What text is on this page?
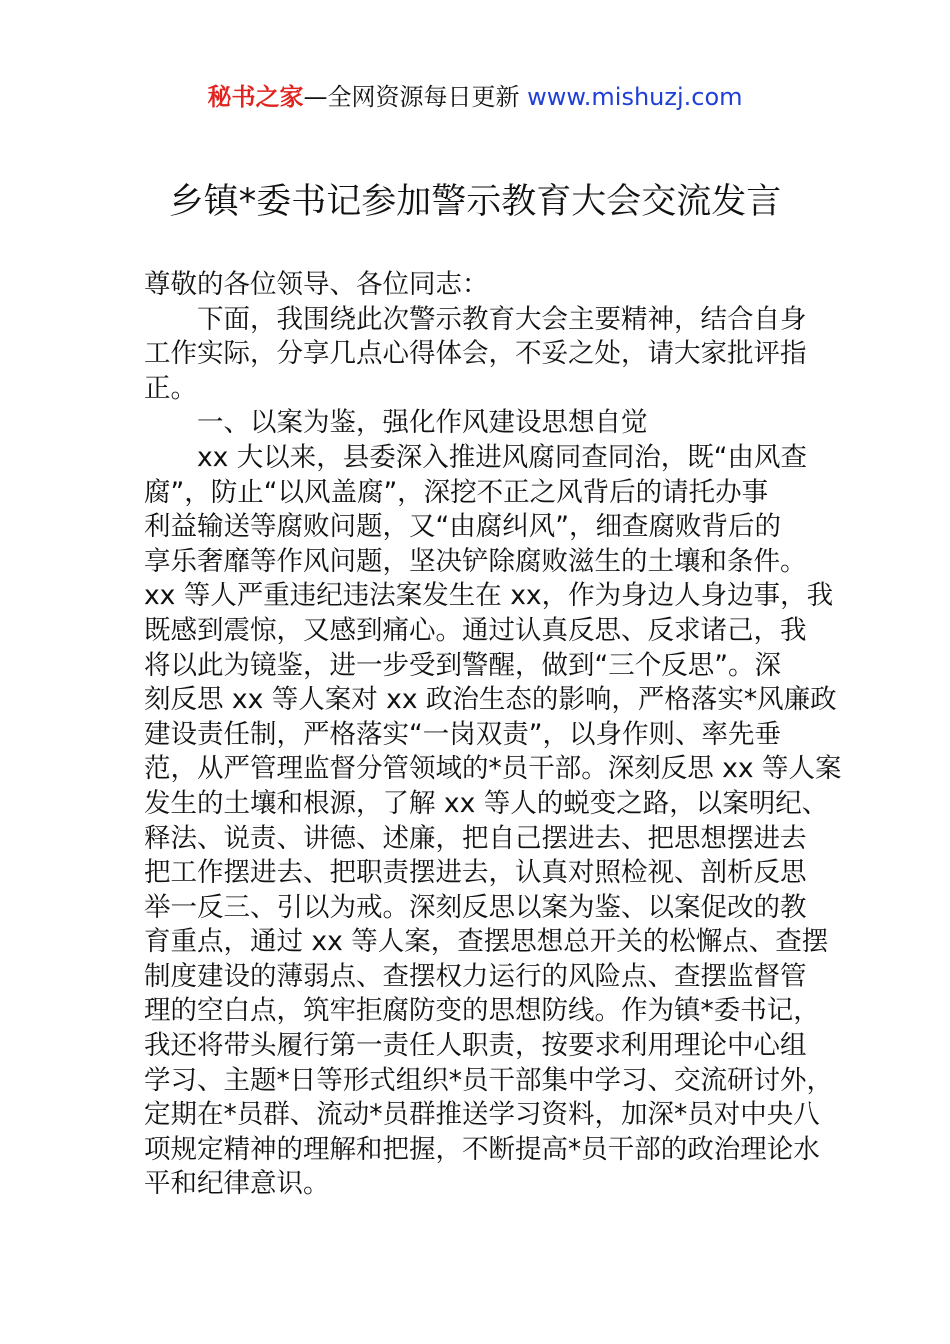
秘书之家—全网资源每日更新 www.mishuzj.com
乡镇*委书记参加警示教育大会交流发言
尊敬的各位领导、各位同志：
下面，我围绕此次警示教育大会主要精神，结合自身
工作实际，分享几点心得体会，不妥之处，请大家批评指
正。
一、以案为鉴，强化作风建设思想自觉
xx 大以来，县委深入推进风腐同查同治，既“由风查
腐”，防止“以风盖腐”，深挖不正之风背后的请托办事
利益输送等腐败问题，又“由腐纠风”，细查腐败背后的
享乐奢靡等作风问题，坚决铲除腐败滋生的土壤和条件。
xx 等人严重违纪违法案发生在 xx，作为身边人身边事，我
既感到震惊，又感到痛心。通过认真反思、反求诸己，我
将以此为镜鉴，进一步受到警醒，做到“三个反思”。深
刻反思 xx 等人案对 xx 政治生态的影响，严格落实*风廉政
建设责任制，严格落实“一岗双责”，以身作则、率先垂
范，从严管理监督分管领域的*员干部。深刻反思 xx 等人案
发生的土壤和根源，了解 xx 等人的蜕变之路，以案明纪、
释法、说责、讲德、述廉，把自己摆进去、把思想摆进去
把工作摆进去、把职责摆进去，认真对照检视、剖析反思
举一反三、引以为戒。深刻反思以案为鉴、以案促改的教
育重点，通过 xx 等人案，查摆思想总开关的松懈点、查摆
制度建设的薄弱点、查摆权力运行的风险点、查摆监督管
理的空白点，筑牢拒腐防变的思想防线。作为镇*委书记，
我还将带头履行第一责任人职责，按要求利用理论中心组
学习、主题*日等形式组织*员干部集中学习、交流研讨外，
定期在*员群、流动*员群推送学习资料，加深*员对中央八
项规定精神的理解和把握，不断提高*员干部的政治理论水
平和纪律意识。
